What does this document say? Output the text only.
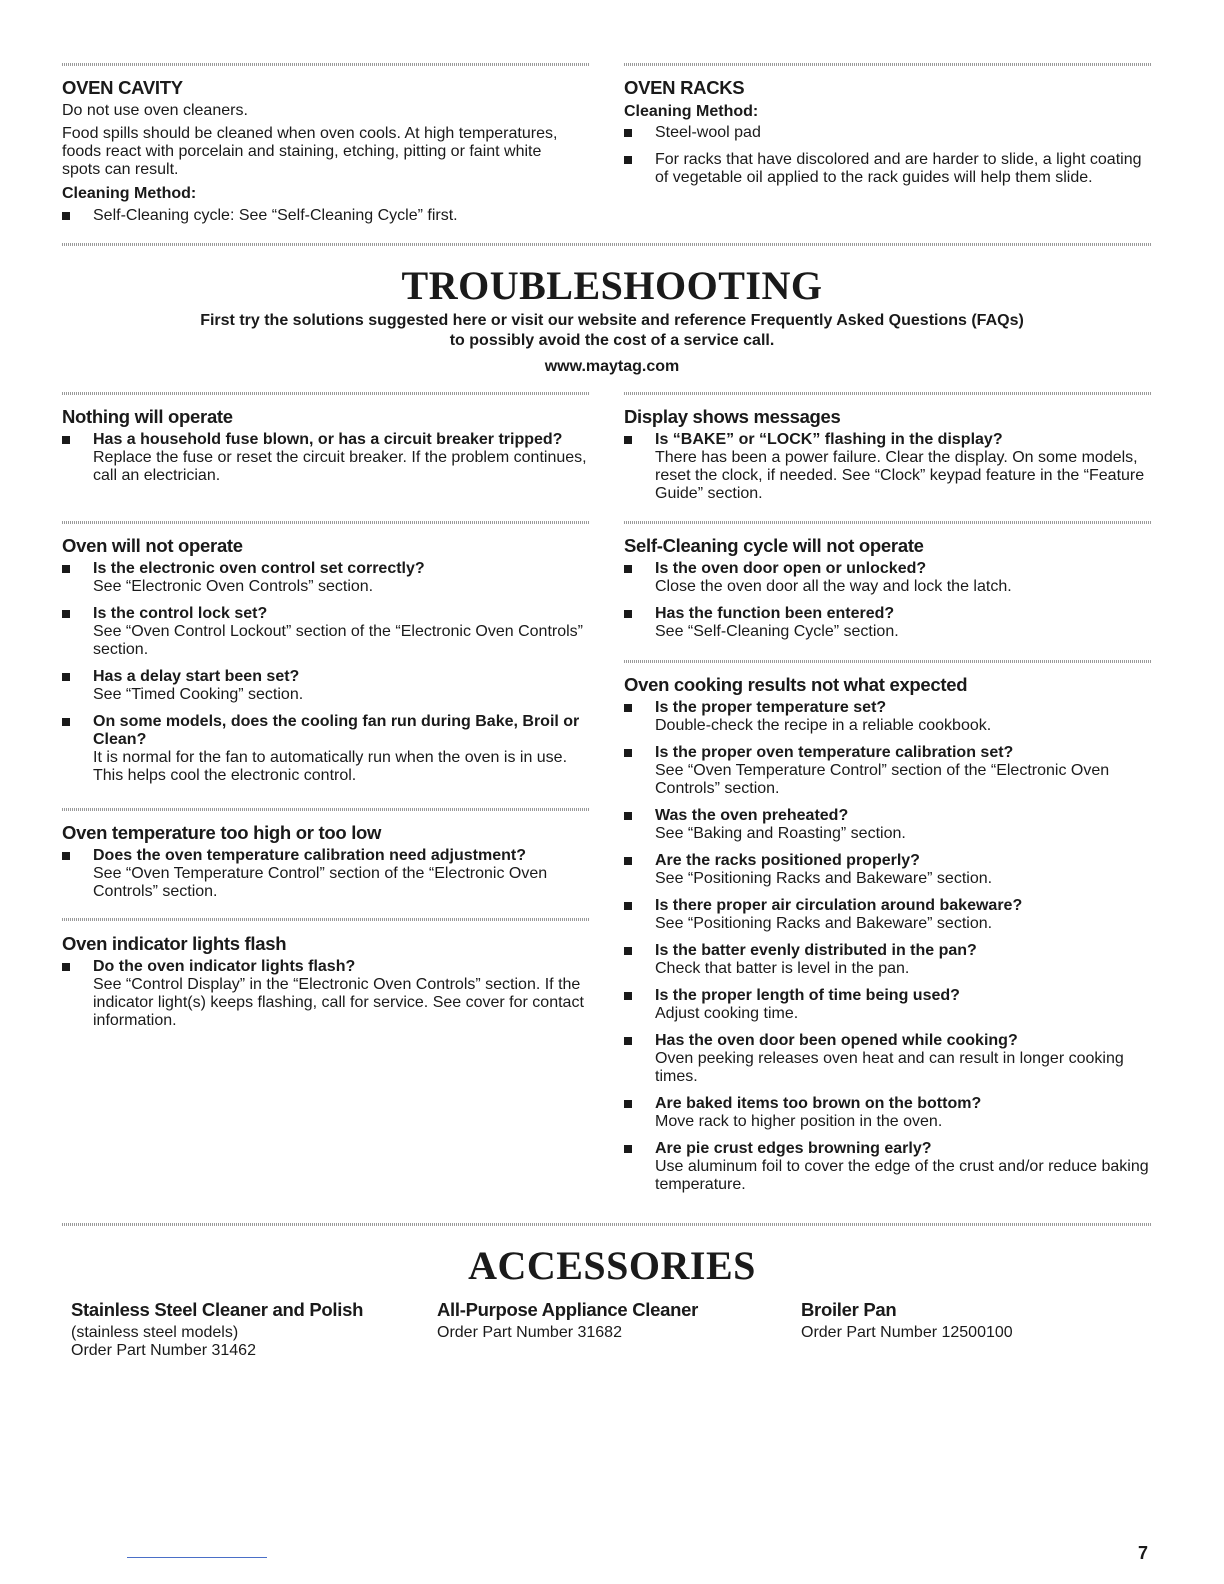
OVEN CAVITY

Do not use oven cleaners.

Food spills should be cleaned when oven cools. At high temperatures, foods react with porcelain and staining, etching, pitting or faint white spots can result.

Cleaning Method:
Self-Cleaning cycle: See “Self-Cleaning Cycle” first.
OVEN RACKS
Cleaning Method:
Steel-wool pad
For racks that have discolored and are harder to slide, a light coating of vegetable oil applied to the rack guides will help them slide.
TROUBLESHOOTING
First try the solutions suggested here or visit our website and reference Frequently Asked Questions (FAQs)
to possibly avoid the cost of a service call.
www.maytag.com
Nothing will operate
Has a household fuse blown, or has a circuit breaker tripped?
Replace the fuse or reset the circuit breaker. If the problem continues, call an electrician.
Oven will not operate
Is the electronic oven control set correctly?
See “Electronic Oven Controls” section.
Is the control lock set?
See “Oven Control Lockout” section of the “Electronic Oven Controls” section.
Has a delay start been set?
See “Timed Cooking” section.
On some models, does the cooling fan run during Bake, Broil or Clean?
It is normal for the fan to automatically run when the oven is in use. This helps cool the electronic control.
Oven temperature too high or too low
Does the oven temperature calibration need adjustment?
See “Oven Temperature Control” section of the “Electronic Oven Controls” section.
Oven indicator lights flash
Do the oven indicator lights flash?
See “Control Display” in the “Electronic Oven Controls” section. If the indicator light(s) keeps flashing, call for service. See cover for contact information.
Display shows messages
Is “BAKE” or “LOCK” flashing in the display?
There has been a power failure. Clear the display. On some models, reset the clock, if needed. See “Clock” keypad feature in the “Feature Guide” section.
Self-Cleaning cycle will not operate
Is the oven door open or unlocked?
Close the oven door all the way and lock the latch.
Has the function been entered?
See “Self-Cleaning Cycle” section.
Oven cooking results not what expected
Is the proper temperature set?
Double-check the recipe in a reliable cookbook.
Is the proper oven temperature calibration set?
See “Oven Temperature Control” section of the “Electronic Oven Controls” section.
Was the oven preheated?
See “Baking and Roasting” section.
Are the racks positioned properly?
See “Positioning Racks and Bakeware” section.
Is there proper air circulation around bakeware?
See “Positioning Racks and Bakeware” section.
Is the batter evenly distributed in the pan?
Check that batter is level in the pan.
Is the proper length of time being used?
Adjust cooking time.
Has the oven door been opened while cooking?
Oven peeking releases oven heat and can result in longer cooking times.
Are baked items too brown on the bottom?
Move rack to higher position in the oven.
Are pie crust edges browning early?
Use aluminum foil to cover the edge of the crust and/or reduce baking temperature.
ACCESSORIES
Stainless Steel Cleaner and Polish
(stainless steel models)
Order Part Number 31462
All-Purpose Appliance Cleaner
Order Part Number 31682
Broiler Pan
Order Part Number 12500100
7
